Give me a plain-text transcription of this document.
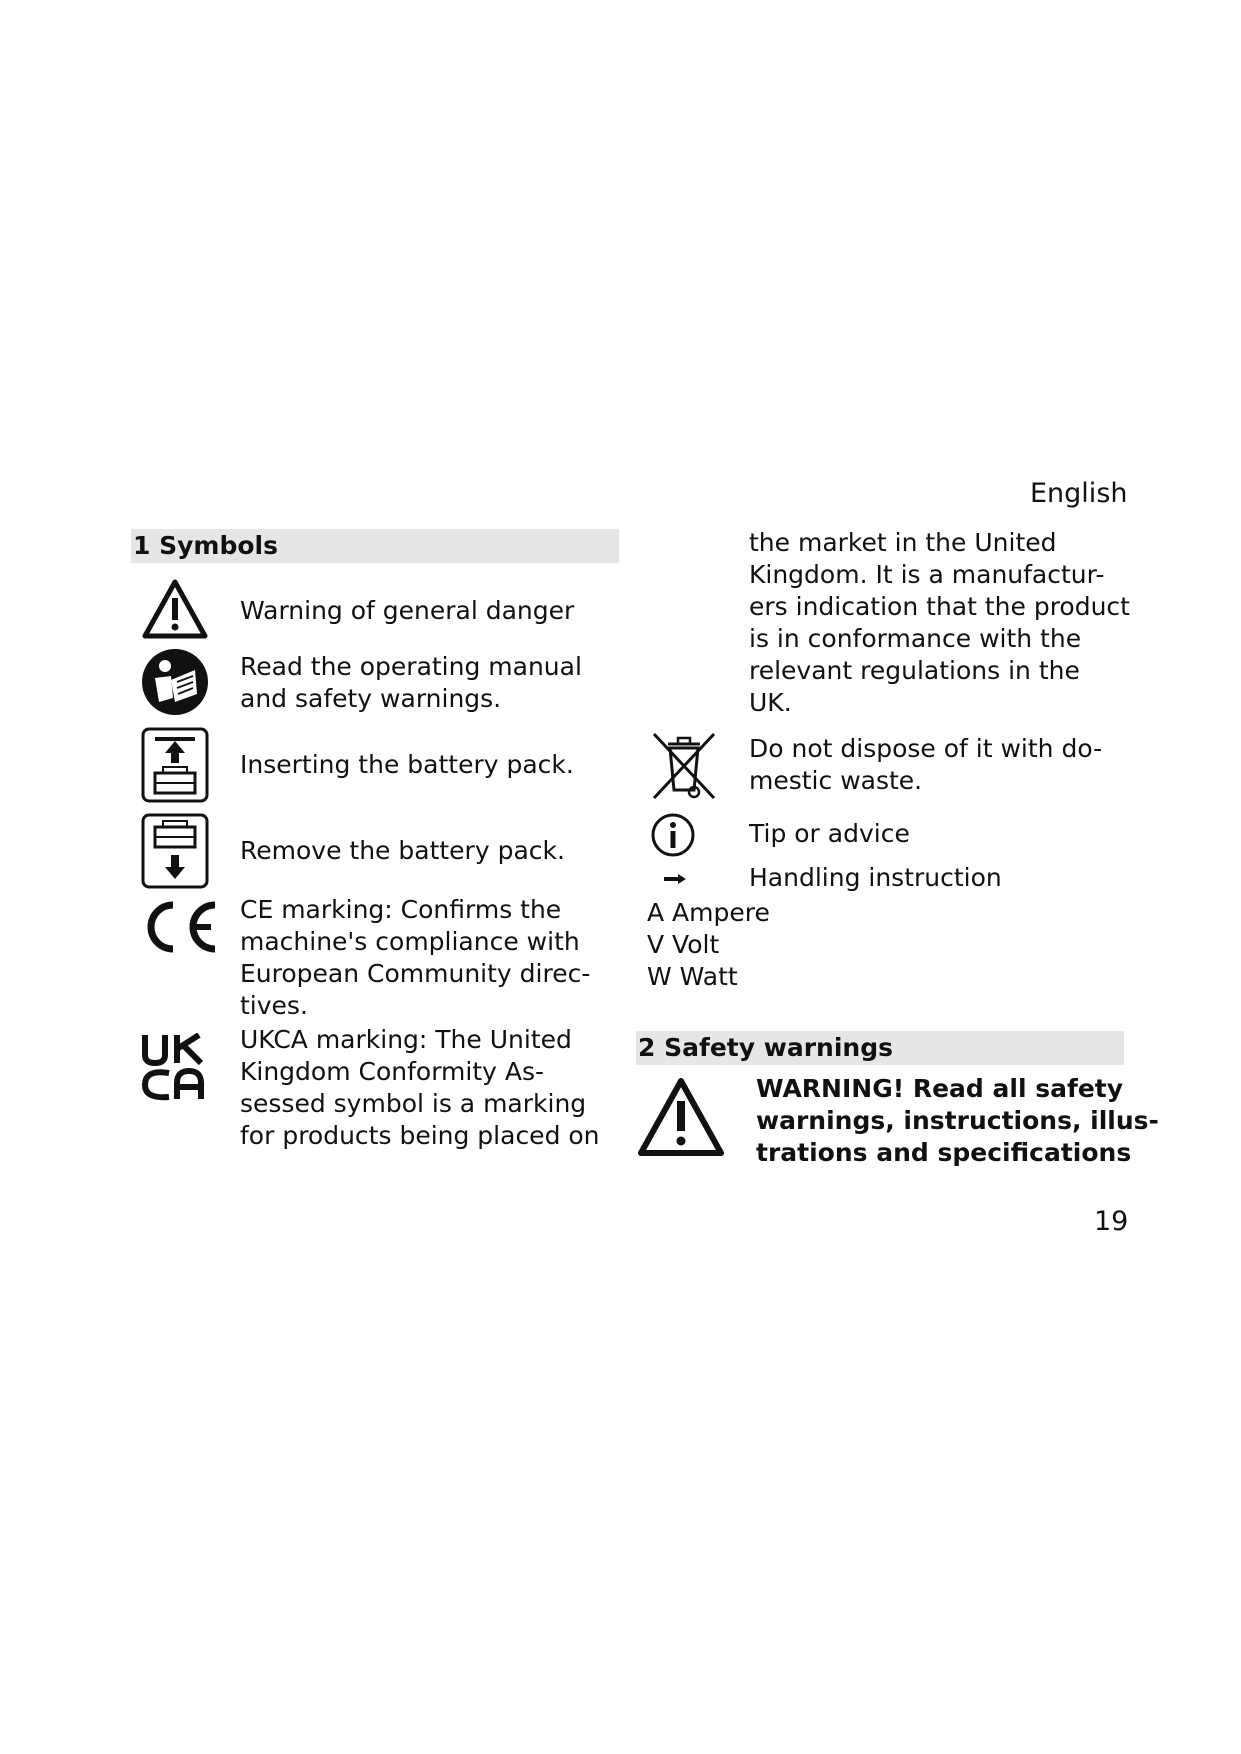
English
1 Symbols
Warning of general danger
Read the operating manual
and safety warnings.
Inserting the battery pack.
Remove the battery pack.
CE marking: Confirms the
machine's compliance with
European Community direc-
tives.
UKCA marking: The United
Kingdom Conformity As-
sessed symbol is a marking
for products being placed on
the market in the United
Kingdom. It is a manufactur-
ers indication that the product
is in conformance with the
relevant regulations in the
UK.
Do not dispose of it with do-
mestic waste.
Tip or advice
Handling instruction
A Ampere
V Volt
W Watt
2 Safety warnings
WARNING! Read all safety
warnings, instructions, illus-
trations and specifications
19
